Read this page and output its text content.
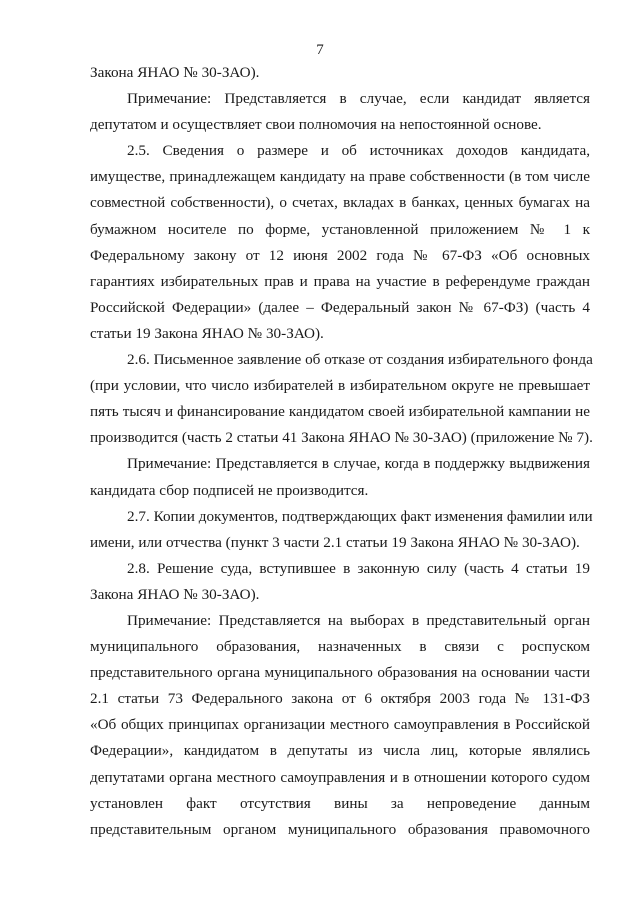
7
Закона ЯНАО № 30-ЗАО).
Примечание: Представляется в случае, если кандидат является
депутатом и осуществляет свои полномочия на непостоянной основе.
2.5. Сведения о размере и об источниках доходов кандидата,
имуществе, принадлежащем кандидату на праве собственности (в том числе
совместной собственности), о счетах, вкладах в банках, ценных бумагах на
бумажном носителе по форме, установленной приложением № 1 к
Федеральному закону от 12 июня 2002 года № 67-ФЗ «Об основных
гарантиях избирательных прав и права на участие в референдуме граждан
Российской Федерации» (далее – Федеральный закон № 67-ФЗ) (часть 4
статьи 19 Закона ЯНАО № 30-ЗАО).
2.6. Письменное заявление об отказе от создания избирательного фонда
(при условии, что число избирателей в избирательном округе не превышает
пять тысяч и финансирование кандидатом своей избирательной кампании не
производится (часть 2 статьи 41 Закона ЯНАО № 30-ЗАО) (приложение № 7).
Примечание: Представляется в случае, когда в поддержку выдвижения
кандидата сбор подписей не производится.
2.7. Копии документов, подтверждающих факт изменения фамилии или
имени, или отчества (пункт 3 части 2.1 статьи 19 Закона ЯНАО № 30-ЗАО).
2.8. Решение суда, вступившее в законную силу (часть 4 статьи 19
Закона ЯНАО № 30-ЗАО).
Примечание: Представляется на выборах в представительный орган
муниципального образования, назначенных в связи с роспуском
представительного органа муниципального образования на основании части
2.1 статьи 73 Федерального закона от 6 октября 2003 года № 131-ФЗ
«Об общих принципах организации местного самоуправления в Российской
Федерации», кандидатом в депутаты из числа лиц, которые являлись
депутатами органа местного самоуправления и в отношении которого судом
установлен факт отсутствия вины за непроведение данным
представительным органом муниципального образования правомочного
